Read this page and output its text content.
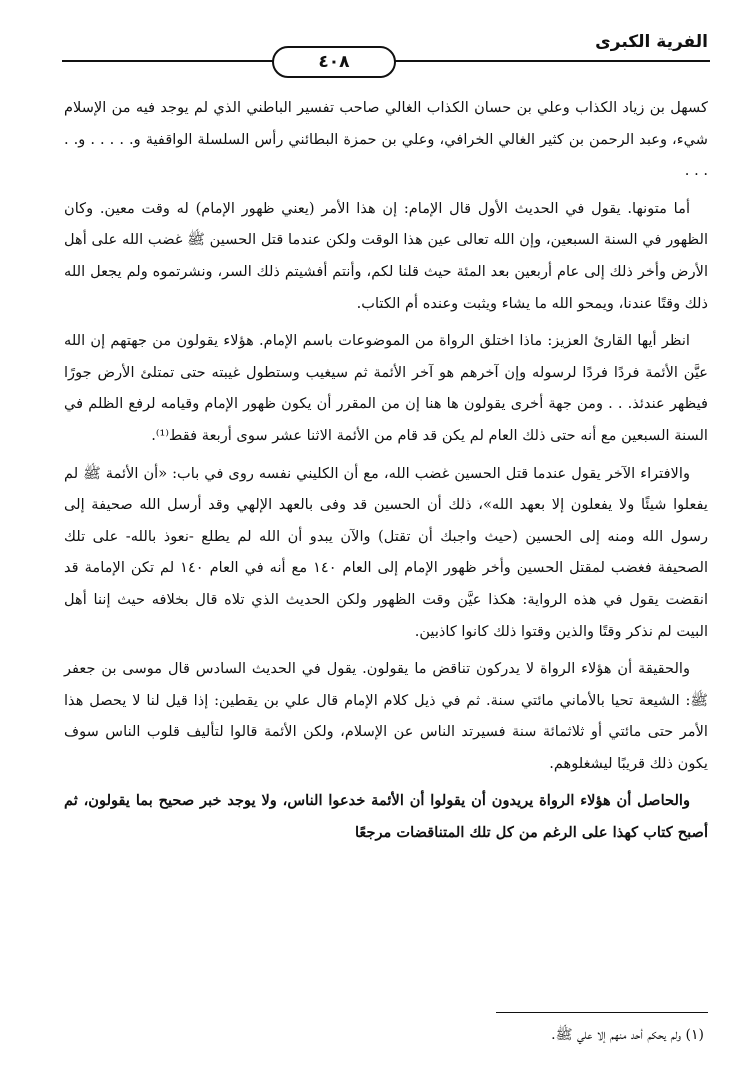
الفرية الكبرى
٤٠٨

كسهل بن زياد الكذاب وعلي بن حسان الكذاب الغالي صاحب تفسير الباطني الذي لم يوجد فيه من الإسلام شيء، وعبد الرحمن بن كثير الغالي الخرافي، وعلي بن حمزة البطائني رأس السلسلة الواقفية و. . . . . و. . . . .

أما متونها. يقول في الحديث الأول قال الإمام: إن هذا الأمر (يعني ظهور الإمام) له وقت معين. وكان الظهور في السنة السبعين، وإن الله تعالى عين هذا الوقت ولكن عندما قتل الحسين ﷺ غضب الله على أهل الأرض وأخر ذلك إلى عام أربعين بعد المئة حيث قلنا لكم، وأنتم أفشيتم ذلك السر، ونشرتموه ولم يجعل الله ذلك وقتًا عندنا، ويمحو الله ما يشاء ويثبت وعنده أم الكتاب.

انظر أيها القارئ العزيز: ماذا اختلق الرواة من الموضوعات باسم الإمام. هؤلاء يقولون من جهتهم إن الله عيَّن الأئمة فردًا فردًا لرسوله وإن آخرهم هو آخر الأئمة ثم سيغيب وستطول غيبته حتى تمتلئ الأرض جورًا فيظهر عندئذ. . . ومن جهة أخرى يقولون ها هنا إن من المقرر أن يكون ظهور الإمام وقيامه لرفع الظلم في السنة السبعين مع أنه حتى ذلك العام لم يكن قد قام من الأئمة الاثنا عشر سوى أربعة فقط⁽¹⁾.

والافتراء الآخر يقول عندما قتل الحسين غضب الله، مع أن الكليني نفسه روى في باب: «أن الأئمة ﷺ لم يفعلوا شيئًا ولا يفعلون إلا بعهد الله»، ذلك أن الحسين قد وفى بالعهد الإلهي وقد أرسل الله صحيفة إلى رسول الله ومنه إلى الحسين (حيث واجبك أن تقتل) والآن يبدو أن الله لم يطلع -نعوذ بالله- على تلك الصحيفة فغضب لمقتل الحسين وأخر ظهور الإمام إلى العام ١٤٠ مع أنه في العام ١٤٠ لم تكن الإمامة قد انقضت يقول في هذه الرواية: هكذا عيَّن وقت الظهور ولكن الحديث الذي تلاه قال بخلافه حيث إننا أهل البيت لم نذكر وقتًا والذين وقتوا ذلك كانوا كاذبين.

والحقيقة أن هؤلاء الرواة لا يدركون تناقض ما يقولون. يقول في الحديث السادس قال موسى بن جعفر ﷺ: الشيعة تحيا بالأماني مائتي سنة. ثم في ذيل كلام الإمام قال علي بن يقطين: إذا قيل لنا لا يحصل هذا الأمر حتى مائتي أو ثلاثمائة سنة فسيرتد الناس عن الإسلام، ولكن الأئمة قالوا لتأليف قلوب الناس سوف يكون ذلك قريبًا ليشغلوهم.

والحاصل أن هؤلاء الرواة يريدون أن يقولوا أن الأئمة خدعوا الناس، ولا يوجد خبر صحيح بما يقولون، ثم أصبح كتاب كهذا على الرغم من كل تلك المتناقضات مرجعًا

(١) ولم يحكم أحد منهم إلا علي ﷺ.
